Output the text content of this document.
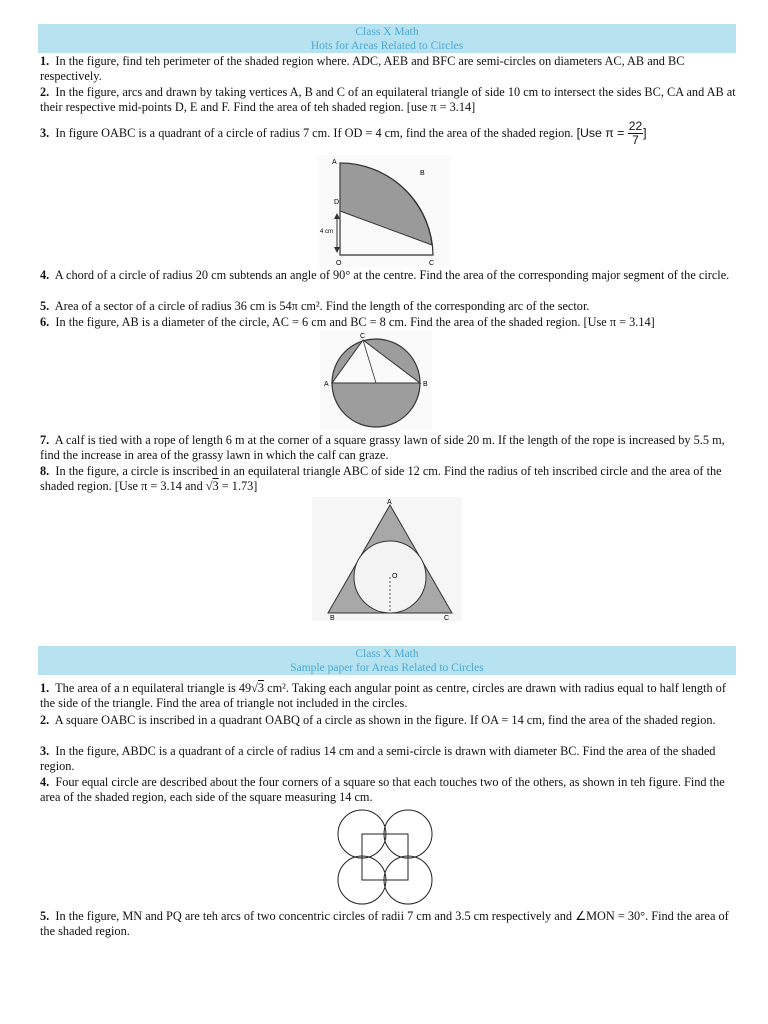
Class X Math
Hots for Areas Related to Circles
1. In the figure, find teh perimeter of the shaded region where. ADC, AEB and BFC are semi-circles on diameters AC, AB and BC respectively.
2. In the figure, arcs and drawn by taking vertices A, B and C of an equilateral triangle of side 10 cm to intersect the sides BC, CA and AB at their respective mid-points D, E and F. Find the area of teh shaded region. [use π = 3.14]
3. In figure OABC is a quadrant of a circle of radius 7 cm. If OD = 4 cm, find the area of the shaded region. [Use $\pi = \frac{22}{7}$ ]
A
B
D
4 cm
O	C
4. A chord of a circle of radius 20 cm subtends an angle of 90° at the centre. Find the area of the corresponding major segment of the circle.
5. Area of a sector of a circle of radius 36 cm is 54π cm². Find the length of the corresponding arc of the sector.
6. In the figure, AB is a diameter of the circle, AC = 6 cm and BC = 8 cm. Find the area of the shaded region. [Use π = 3.14]
C
A	B
7. A calf is tied with a rope of length 6 m at the corner of a square grassy lawn of side 20 m. If the length of the rope is increased by 5.5 m, find the increase in area of the grassy lawn in which the calf can graze.
8. In the figure, a circle is inscribed in an equilateral triangle ABC of side 12 cm. Find the radius of teh inscribed circle and the area of the shaded region. [Use π = 3.14 and √3 = 1.73]
A
O
B	C
Class X Math
Sample paper for Areas Related to Circles
1. The area of a n equilateral triangle is 49√3 cm². Taking each angular point as centre, circles are drawn with radius equal to half length of the side of the triangle. Find the area of triangle not included in the circles.
2. A square OABC is inscribed in a quadrant OABQ of a circle as shown in the figure. If OA = 14 cm, find the area of the shaded region.
3. In the figure, ABDC is a quadrant of a circle of radius 14 cm and a semi-circle is drawn with diameter BC. Find the area of the shaded region.
4. Four equal circle are described about the four corners of a square so that each touches two of the others, as shown in teh figure. Find the area of the shaded region, each side of the square measuring 14 cm.
5. In the figure, MN and PQ are teh arcs of two concentric circles of radii 7 cm and 3.5 cm respectively and ∠MON = 30°. Find the area of the shaded region.
